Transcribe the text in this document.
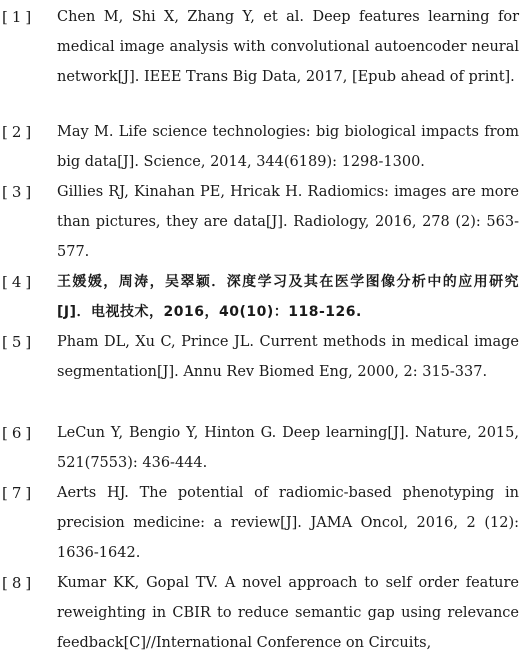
[1] Chen M, Shi X, Zhang Y, et al. Deep features learning for medical image analysis with convolutional autoencoder neural network[J]. IEEE Trans Big Data, 2017, [Epub ahead of print].
[2] May M. Life science technologies: big biological impacts from big data[J]. Science, 2014, 344(6189): 1298-1300.
[3] Gillies RJ, Kinahan PE, Hricak H. Radiomics: images are more than pictures, they are data[J]. Radiology, 2016, 278 (2): 563-577.
[4] 王媛媛，周涛，吴翠颖．深度学习及其在医学图像分析中的应用研究[J]．电视技术，2016，40(10)：118-126.
[5] Pham DL, Xu C, Prince JL. Current methods in medical image segmentation[J]. Annu Rev Biomed Eng, 2000, 2: 315-337.
[6] LeCun Y, Bengio Y, Hinton G. Deep learning[J]. Nature, 2015, 521(7553): 436-444.
[7] Aerts HJ. The potential of radiomic-based phenotyping in precision medicine: a review[J]. JAMA Oncol, 2016, 2 (12): 1636-1642.
[8] Kumar KK, Gopal TV. A novel approach to self order feature reweighting in CBIR to reduce semantic gap using relevance feedback[C]//International Conference on Circuits,
